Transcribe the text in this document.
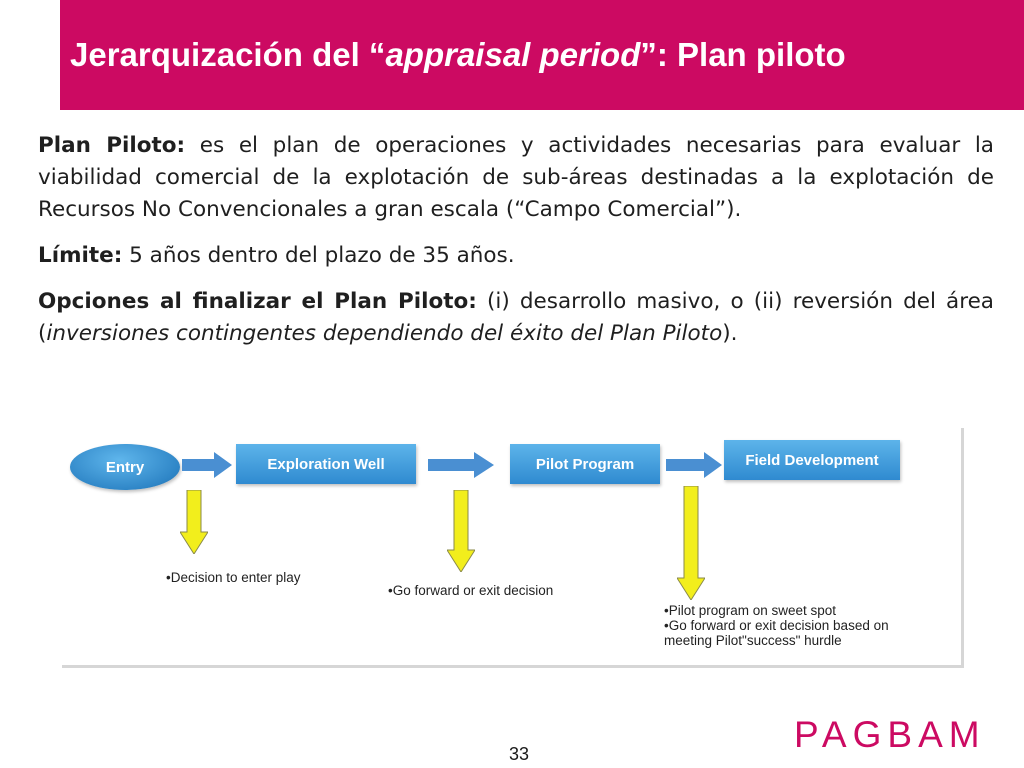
Jerarquización del “appraisal period”: Plan piloto

Plan Piloto: es el plan de operaciones y actividades necesarias para evaluar la viabilidad comercial de la explotación de sub-áreas destinadas a la explotación de Recursos No Convencionales a gran escala (“Campo Comercial”).

Límite: 5 años dentro del plazo de 35 años.

Opciones al finalizar el Plan Piloto: (i) desarrollo masivo, o (ii) reversión del área (inversiones contingentes dependiendo del éxito del Plan Piloto).

Entry	Exploration Well	Pilot Program	Field Development
•Decision to enter play
•Go forward or exit decision
•Pilot program on sweet spot
•Go forward or exit decision based on
meeting Pilot"success" hurdle
PAGBAM
33
